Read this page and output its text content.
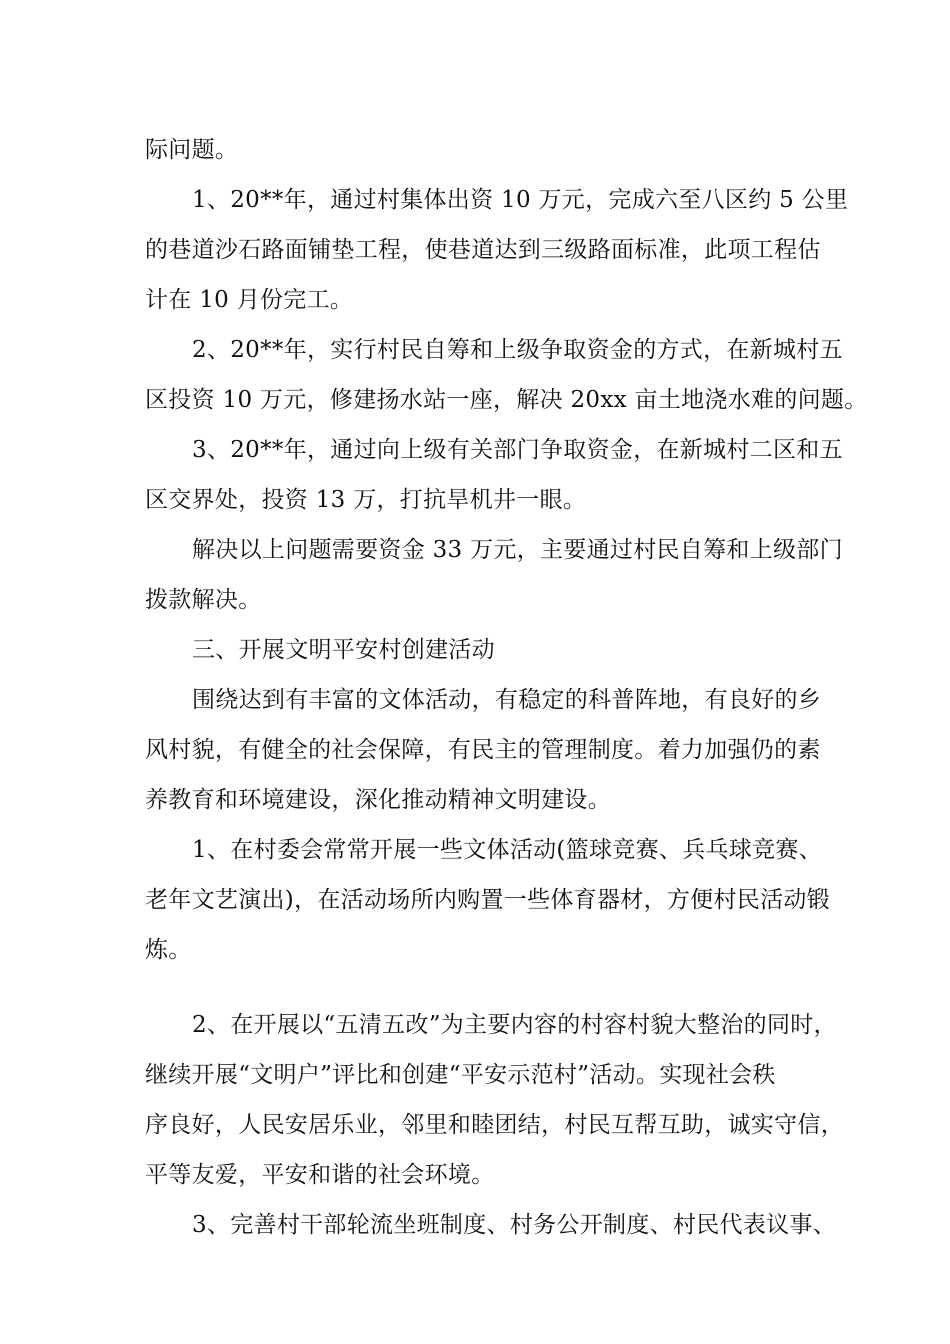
际问题。
1、20**年，通过村集体出资 10 万元，完成六至八区约 5 公里
的巷道沙石路面铺垫工程，使巷道达到三级路面标准，此项工程估
计在 10 月份完工。
2、20**年，实行村民自筹和上级争取资金的方式，在新城村五
区投资 10 万元，修建扬水站一座，解决 20xx 亩土地浇水难的问题。
3、20**年，通过向上级有关部门争取资金，在新城村二区和五
区交界处，投资 13 万，打抗旱机井一眼。
解决以上问题需要资金 33 万元，主要通过村民自筹和上级部门
拨款解决。
三、开展文明平安村创建活动
围绕达到有丰富的文体活动，有稳定的科普阵地，有良好的乡
风村貌，有健全的社会保障，有民主的管理制度。着力加强仍的素
养教育和环境建设，深化推动精神文明建设。
1、在村委会常常开展一些文体活动(篮球竞赛、兵乓球竞赛、
老年文艺演出)，在活动场所内购置一些体育器材，方便村民活动锻
炼。
2、在开展以“五清五改”为主要内容的村容村貌大整治的同时，
继续开展“文明户”评比和创建“平安示范村”活动。实现社会秩
序良好，人民安居乐业，邻里和睦团结，村民互帮互助，诚实守信，
平等友爱，平安和谐的社会环境。
3、完善村干部轮流坐班制度、村务公开制度、村民代表议事、
